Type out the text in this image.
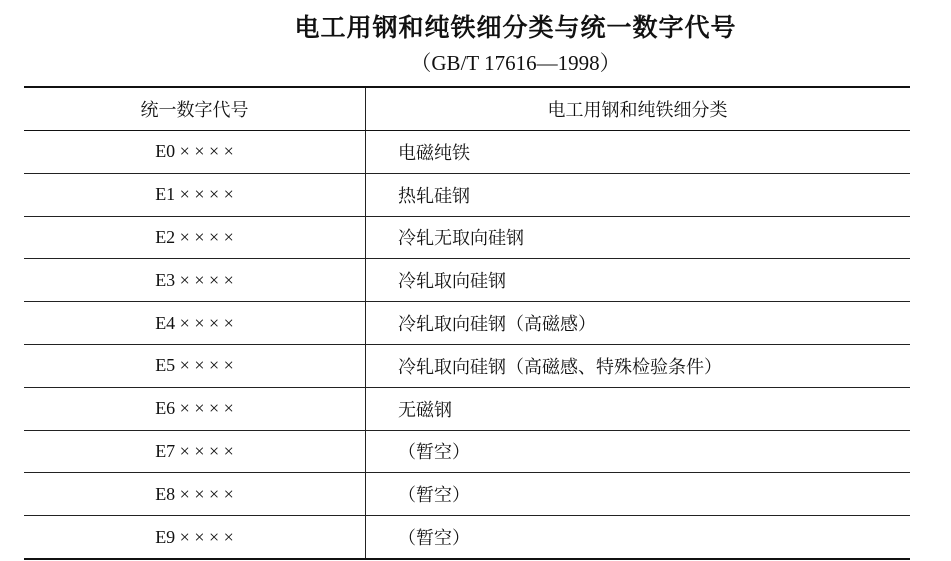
电工用钢和纯铁细分类与统一数字代号
（GB/T 17616—1998）
统一数字代号	电工用钢和纯铁细分类
E0 × × × ×	电磁纯铁
E1 × × × ×	热轧硅钢
E2 × × × ×	冷轧无取向硅钢
E3 × × × ×	冷轧取向硅钢
E4 × × × ×	冷轧取向硅钢（高磁感）
E5 × × × ×	冷轧取向硅钢（高磁感、特殊检验条件）
E6 × × × ×	无磁钢
E7 × × × ×	（暂空）
E8 × × × ×	（暂空）
E9 × × × ×	（暂空）
